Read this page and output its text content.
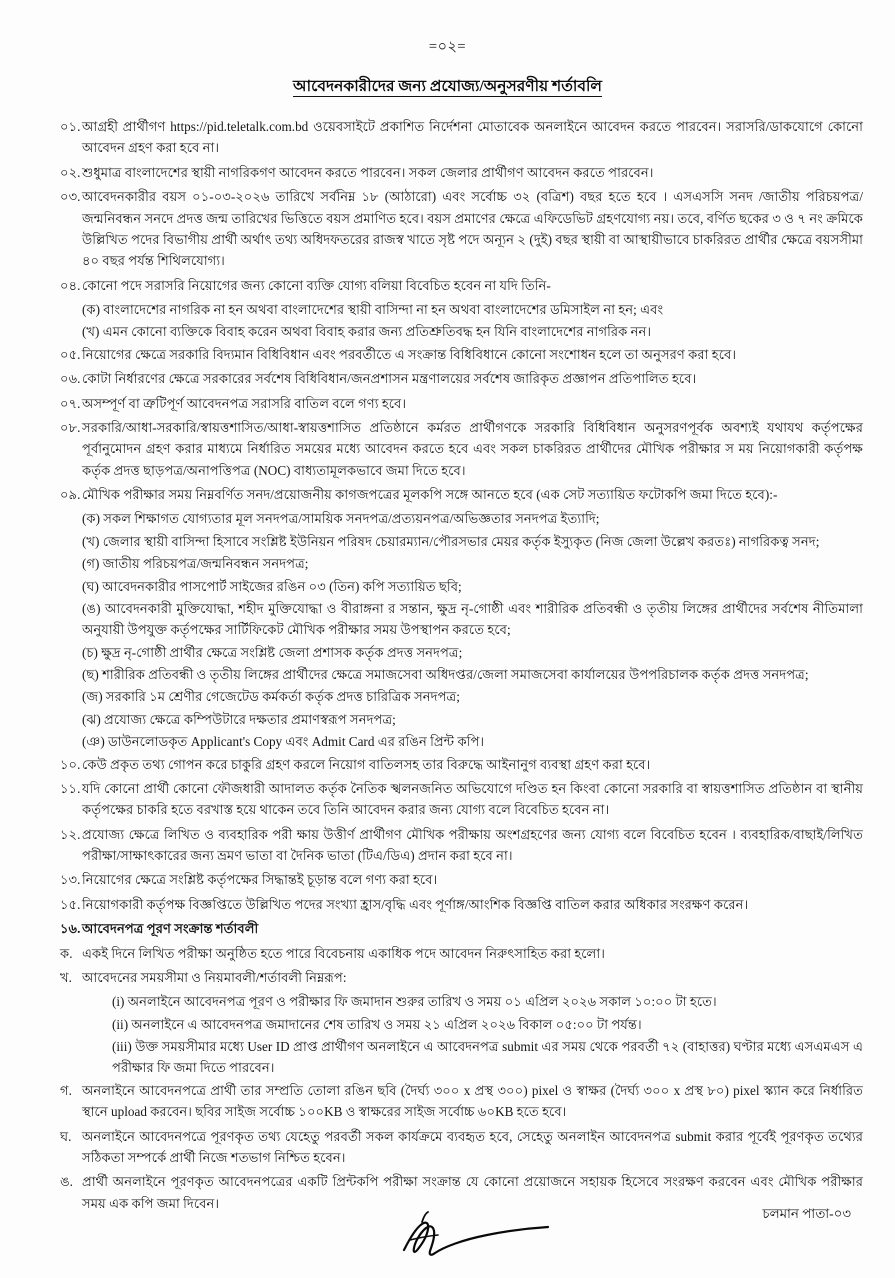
=০২=
আবেদনকারীদের জন্য প্রযোজ্য/অনুসরণীয় শর্তাবলি
০১. আগ্রহী প্রার্থীগণ https://pid.teletalk.com.bd ওয়েবসাইটে প্রকাশিত নির্দেশনা মোতাবেক অনলাইনে আবেদন করতে পারবেন। সরাসরি/ডাকযোগে কোনো আবেদন গ্রহণ করা হবে না।
০২. শুধুমাত্র বাংলাদেশের স্থায়ী নাগরিকগণ আবেদন করতে পারবেন। সকল জেলার প্রার্থীগণ আবেদন করতে পারবেন।
০৩. আবেদনকারীর বয়স ০১-০৩-২০২৬ তারিখে সর্বনিম্ন ১৮ (আঠারো) এবং সর্বোচ্চ ৩২ (বত্রিশ) বছর হতে হবে । এসএসসি সনদ /জাতীয় পরিচয়পত্র/জন্মনিবন্ধন সনদে প্রদত্ত জন্ম তারিখের ভিত্তিতে বয়স প্রমাণিত হবে। বয়স প্রমাণের ক্ষেত্রে এফিডেভিট গ্রহণযোগ্য নয়। তবে, বর্ণিত ছকের ৩ ও ৭ নং ক্রমিকে উল্লিখিত পদের বিভাগীয় প্রার্থী অর্থাৎ তথ্য অধিদফতরের রাজস্ব খাতে সৃষ্ট পদে অন্যূন ২ (দুই) বছর স্থায়ী বা আস্থায়ীভাবে চাকরিরত প্রার্থীর ক্ষেত্রে বয়সসীমা ৪০ বছর পর্যন্ত শিথিলযোগ্য।
০৪. কোনো পদে সরাসরি নিয়োগের জন্য কোনো ব্যক্তি যোগ্য বলিয়া বিবেচিত হবেন না যদি তিনি-
(ক) বাংলাদেশের নাগরিক না হন অথবা বাংলাদেশের স্থায়ী বাসিন্দা না হন অথবা বাংলাদেশের ডমিসাইল না হন; এবং
(খ) এমন কোনো ব্যক্তিকে বিবাহ করেন অথবা বিবাহ করার জন্য প্রতিশ্রুতিবদ্ধ হন যিনি বাংলাদেশের নাগরিক নন।
০৫. নিয়োগের ক্ষেত্রে সরকারি বিদ্যমান বিধিবিধান এবং পরবর্তীতে এ সংক্রান্ত বিধিবিধানে কোনো সংশোধন হলে তা অনুসরণ করা হবে।
০৬. কোটা নির্ধারণের ক্ষেত্রে সরকারের সর্বশেষ বিধিবিধান/জনপ্রশাসন মন্ত্রণালয়ের সর্বশেষ জারিকৃত প্রজ্ঞাপন প্রতিপালিত হবে।
০৭. অসম্পূর্ণ বা ত্রুটিপূর্ণ আবেদনপত্র সরাসরি বাতিল বলে গণ্য হবে।
০৮. সরকারি/আধা-সরকারি/স্বায়ত্তশাসিত/আধা-স্বায়ত্তশাসিত প্রতিষ্ঠানে কর্মরত প্রার্থীগণকে সরকারি বিধিবিধান অনুসরণপূর্বক অবশ্যই যথাযথ কর্তৃপক্ষের পূর্বানুমোদন গ্রহণ করার মাধ্যমে নির্ধারিত সময়ের মধ্যে আবেদন করতে হবে এবং সকল চাকরিরত প্রার্থীদের মৌখিক পরীক্ষার স ময় নিয়োগকারী কর্তৃপক্ষ কর্তৃক প্রদত্ত ছাড়পত্র/অনাপত্তিপত্র (NOC) বাধ্যতামূলকভাবে জমা দিতে হবে।
০৯. মৌখিক পরীক্ষার সময় নিম্নবর্ণিত সনদ/প্রয়োজনীয় কাগজপত্রের মূলকপি সঙ্গে আনতে হবে (এক সেট সত্যায়িত ফটোকপি জমা দিতে হবে):-
(ক) সকল শিক্ষাগত যোগ্যতার মূল সনদপত্র/সাময়িক সনদপত্র/প্রত্যয়নপত্র/অভিজ্ঞতার সনদপত্র ইত্যাদি;
(খ) জেলার স্থায়ী বাসিন্দা হিসাবে সংশ্লিষ্ট ইউনিয়ন পরিষদ চেয়ারম্যান/পৌরসভার মেয়র কর্তৃক ইস্যুকৃত (নিজ জেলা উল্লেখ করতঃ) নাগরিকত্ব সনদ;
(গ) জাতীয় পরিচয়পত্র/জন্মনিবন্ধন সনদপত্র;
(ঘ) আবেদনকারীর পাসপোর্ট সাইজের রঙিন ০৩ (তিন) কপি সত্যায়িত ছবি;
(ঙ) আবেদনকারী মুক্তিযোদ্ধা, শহীদ মুক্তিযোদ্ধা ও বীরাঙ্গনা র সন্তান, ক্ষুদ্র নৃ-গোষ্ঠী এবং শারীরিক প্রতিবন্ধী ও তৃতীয় লিঙ্গের প্রার্থীদের সর্বশেষ নীতিমালা অনুযায়ী উপযুক্ত কর্তৃপক্ষের সার্টিফিকেট মৌখিক পরীক্ষার সময় উপস্থাপন করতে হবে;
(চ) ক্ষুদ্র নৃ-গোষ্ঠী প্রার্থীর ক্ষেত্রে সংশ্লিষ্ট জেলা প্রশাসক কর্তৃক প্রদত্ত সনদপত্র;
(ছ) শারীরিক প্রতিবন্ধী ও তৃতীয় লিঙ্গের প্রার্থীদের ক্ষেত্রে সমাজসেবা অধিদপ্তর/জেলা সমাজসেবা কার্যালয়ের উপপরিচালক কর্তৃক প্রদত্ত সনদপত্র;
(জ) সরকারি ১ম শ্রেণীর গেজেটেড কর্মকর্তা কর্তৃক প্রদত্ত চারিত্রিক সনদপত্র;
(ঝ) প্রযোজ্য ক্ষেত্রে কম্পিউটারে দক্ষতার প্রমাণস্বরূপ সনদপত্র;
(ঞ) ডাউনলোডকৃত Applicant's Copy এবং Admit Card এর রঙিন প্রিন্ট কপি।
১০. কেউ প্রকৃত তথ্য গোপন করে চাকুরি গ্রহণ করলে নিয়োগ বাতিলসহ তার বিরুদ্ধে আইনানুগ ব্যবস্থা গ্রহণ করা হবে।
১১. যদি কোনো প্রার্থী কোনো ফৌজধারী আদালত কর্তৃক নৈতিক স্খলনজনিত অভিযোগে দণ্ডিত হন কিংবা কোনো সরকারি বা স্বায়ত্তশাসিত প্রতিষ্ঠান বা স্থানীয় কর্তৃপক্ষের চাকরি হতে বরখাস্ত হয়ে থাকেন তবে তিনি আবেদন করার জন্য যোগ্য বলে বিবেচিত হবেন না।
১২. প্রযোজ্য ক্ষেত্রে লিখিত ও ব্যবহারিক পরী ক্ষায় উত্তীর্ণ প্রার্থীগণ মৌখিক পরীক্ষায় অংশগ্রহণের জন্য যোগ্য বলে বিবেচিত হবেন । ব্যবহারিক/বাছাই/লিখিত পরীক্ষা/সাক্ষাৎকারের জন্য ভ্রমণ ভাতা বা দৈনিক ভাতা (টিএ/ডিএ) প্রদান করা হবে না।
১৩. নিয়োগের ক্ষেত্রে সংশ্লিষ্ট কর্তৃপক্ষের সিদ্ধান্তই চূড়ান্ত বলে গণ্য করা হবে।
১৫. নিয়োগকারী কর্তৃপক্ষ বিজ্ঞপ্তিতে উল্লিখিত পদের সংখ্যা হ্রাস/বৃদ্ধি এবং পূর্ণাঙ্গ/আংশিক বিজ্ঞপ্তি বাতিল করার অধিকার সংরক্ষণ করেন।
১৬. আবেদনপত্র পূরণ সংক্রান্ত শর্তাবলী
ক. একই দিনে লিখিত পরীক্ষা অনুষ্ঠিত হতে পারে বিবেচনায় একাধিক পদে আবেদন নিরুৎসাহিত করা হলো।
খ. আবেদনের সময়সীমা ও নিয়মাবলী/শর্তাবলী নিম্নরূপ:
(i) অনলাইনে আবেদনপত্র পূরণ ও পরীক্ষার ফি জমাদান শুরুর তারিখ ও সময় ০১ এপ্রিল ২০২৬ সকাল ১০:০০ টা হতে।
(ii) অনলাইনে এ আবেদনপত্র জমাদানের শেষ তারিখ ও সময় ২১ এপ্রিল ২০২৬ বিকাল ০৫:০০ টা পর্যন্ত।
(iii) উক্ত সময়সীমার মধ্যে User ID প্রাপ্ত প্রার্থীগণ অনলাইনে এ আবেদনপত্র submit এর সময় থেকে পরবর্তী ৭২ (বাহাত্তর) ঘণ্টার মধ্যে এসএমএস এ পরীক্ষার ফি জমা দিতে পারবেন।
গ. অনলাইনে আবেদনপত্রে প্রার্থী তার সম্প্রতি তোলা রঙিন ছবি (দৈর্ঘ্য ৩০০ x প্রস্থ ৩০০) pixel ও স্বাক্ষর (দৈর্ঘ্য ৩০০ x প্রস্থ ৮০) pixel স্ক্যান করে নির্ধারিত স্থানে upload করবেন। ছবির সাইজ সর্বোচ্চ ১০০KB ও স্বাক্ষরের সাইজ সর্বোচ্চ ৬০KB হতে হবে।
ঘ. অনলাইনে আবেদনপত্রে পূরণকৃত তথ্য যেহেতু পরবর্তী সকল কার্যক্রমে ব্যবহৃত হবে, সেহেতু অনলাইন আবেদনপত্র submit করার পূর্বেই পূরণকৃত তথ্যের সঠিকতা সম্পর্কে প্রার্থী নিজে শতভাগ নিশ্চিত হবেন।
ঙ. প্রার্থী অনলাইনে পূরণকৃত আবেদনপত্রের একটি প্রিন্টকপি পরীক্ষা সংক্রান্ত যে কোনো প্রয়োজনে সহায়ক হিসেবে সংরক্ষণ করবেন এবং মৌখিক পরীক্ষার সময় এক কপি জমা দিবেন।
চলমান পাতা-০৩
